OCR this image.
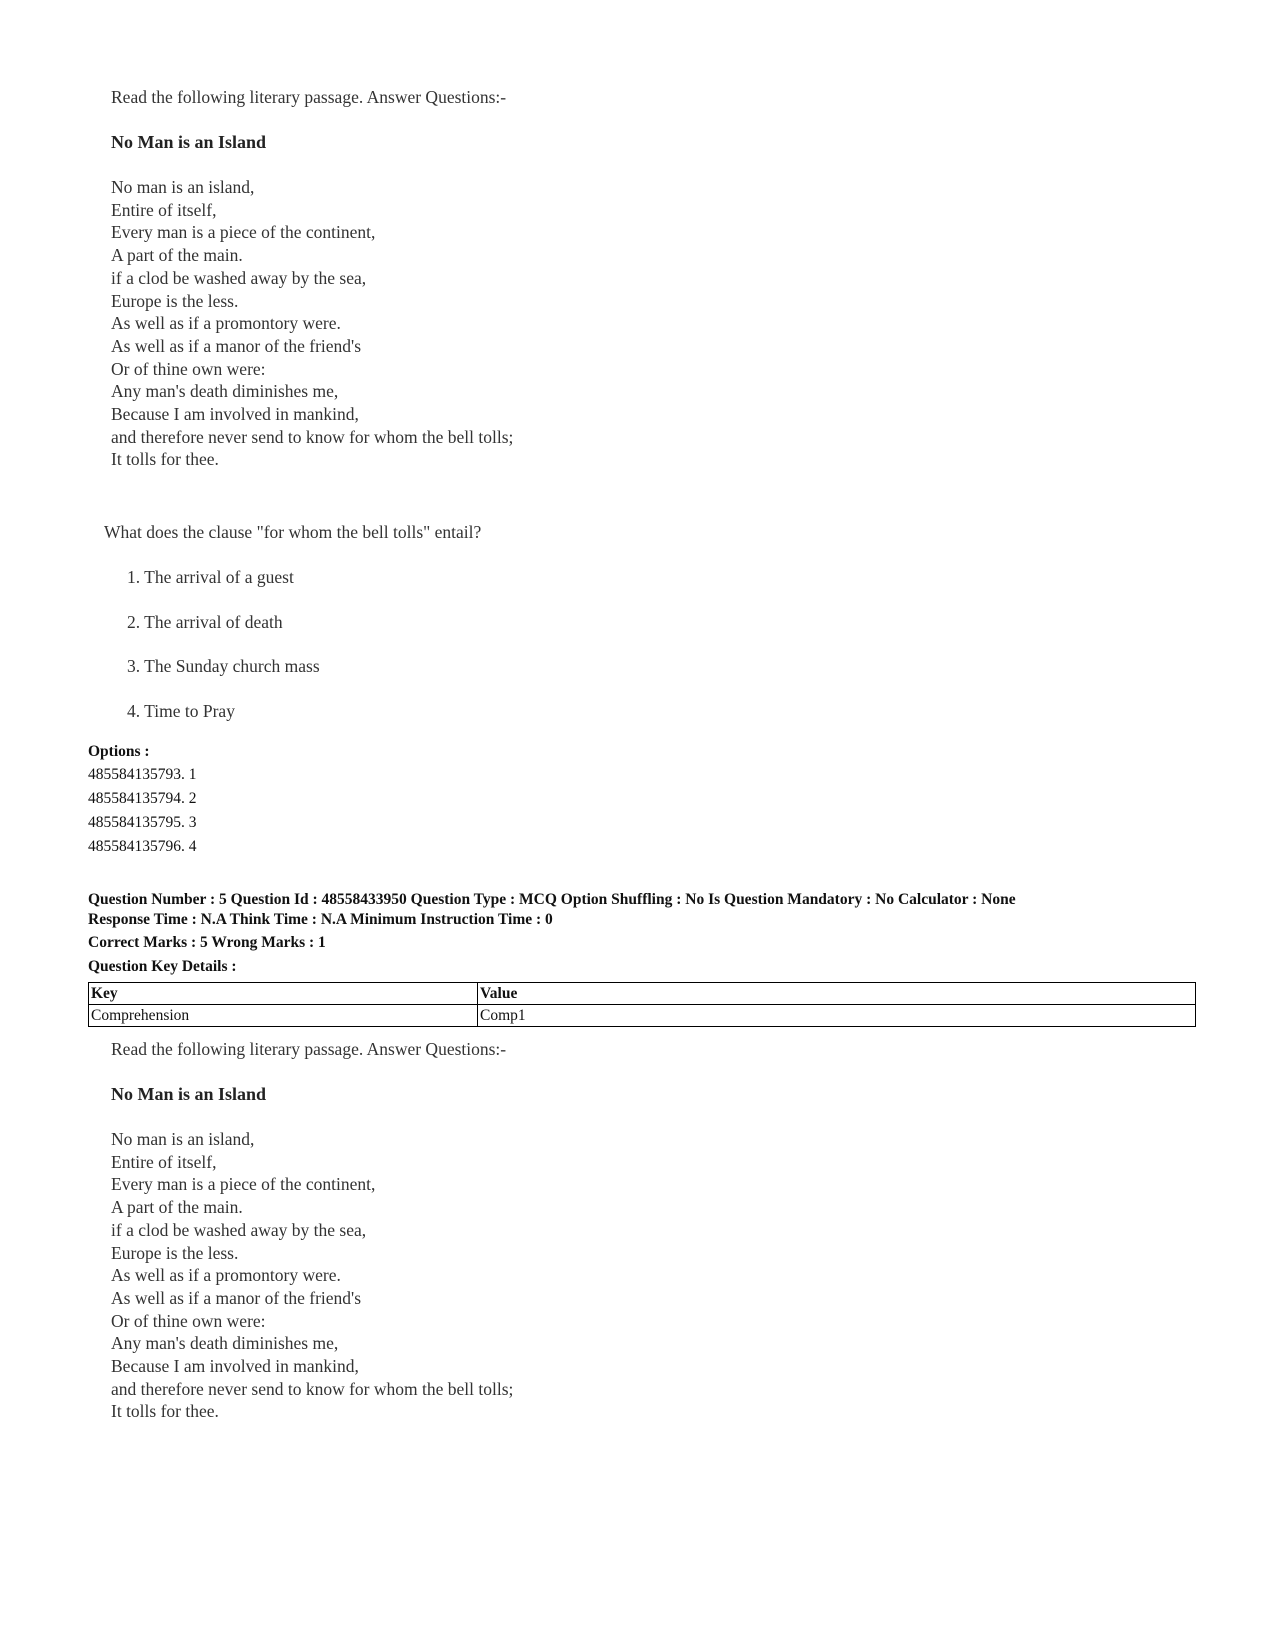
Read the following literary passage. Answer Questions:-

No Man is an Island

No man is an island,
Entire of itself,
Every man is a piece of the continent,
A part of the main.
if a clod be washed away by the sea,
Europe is the less.
As well as if a promontory were.
As well as if a manor of the friend's
Or of thine own were:
Any man's death diminishes me,
Because I am involved in mankind,
and therefore never send to know for whom the bell tolls;
It tolls for thee.

What does the clause "for whom the bell tolls" entail?

1. The arrival of a guest
2. The arrival of death
3. The Sunday church mass
4. Time to Pray
Options :
485584135793. 1
485584135794. 2
485584135795. 3
485584135796. 4
Question Number : 5 Question Id : 48558433950 Question Type : MCQ Option Shuffling : No Is Question Mandatory : No Calculator : None
Response Time : N.A Think Time : N.A Minimum Instruction Time : 0
Correct Marks : 5 Wrong Marks : 1
Question Key Details :
Key	Value
Comprehension	Comp1

Read the following literary passage. Answer Questions:-

No Man is an Island

No man is an island,
Entire of itself,
Every man is a piece of the continent,
A part of the main.
if a clod be washed away by the sea,
Europe is the less.
As well as if a promontory were.
As well as if a manor of the friend's
Or of thine own were:
Any man's death diminishes me,
Because I am involved in mankind,
and therefore never send to know for whom the bell tolls;
It tolls for thee.
